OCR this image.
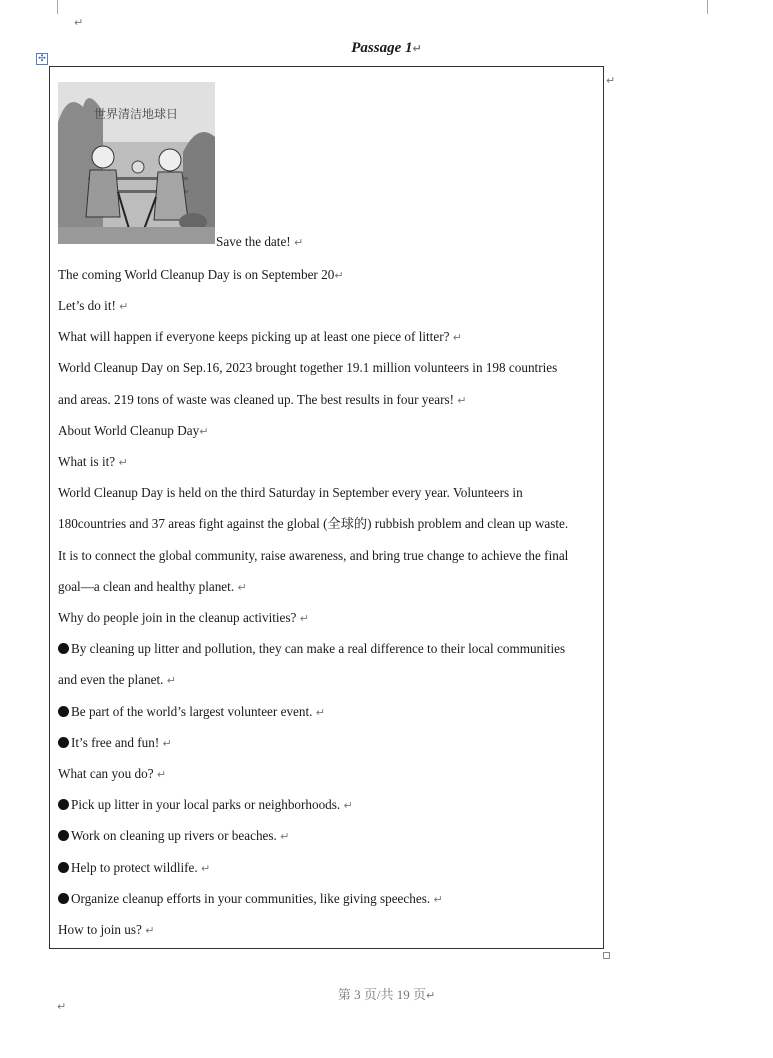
↵
Passage 1↵
✣
↵
世界清洁地球日
Save the date! ↵
The coming World Cleanup Day is on September 20↵
Let’s do it! ↵
What will happen if everyone keeps picking up at least one piece of litter? ↵
World Cleanup Day on Sep.16, 2023 brought together 19.1 million volunteers in 198 countries
and areas. 219 tons of waste was cleaned up. The best results in four years! ↵
About World Cleanup Day↵
What is it? ↵
World Cleanup Day is held on the third Saturday in September every year. Volunteers in
180countries and 37 areas fight against the global (全球的) rubbish problem and clean up waste.
It is to connect the global community, raise awareness, and bring true change to achieve the final
goal—a clean and healthy planet. ↵
Why do people join in the cleanup activities? ↵
By cleaning up litter and pollution, they can make a real difference to their local communities
and even the planet. ↵
Be part of the world’s largest volunteer event. ↵
It’s free and fun! ↵
What can you do? ↵
Pick up litter in your local parks or neighborhoods. ↵
Work on cleaning up rivers or beaches. ↵
Help to protect wildlife. ↵
Organize cleanup efforts in your communities, like giving speeches. ↵
How to join us? ↵
第 3 页/共 19 页↵
↵
